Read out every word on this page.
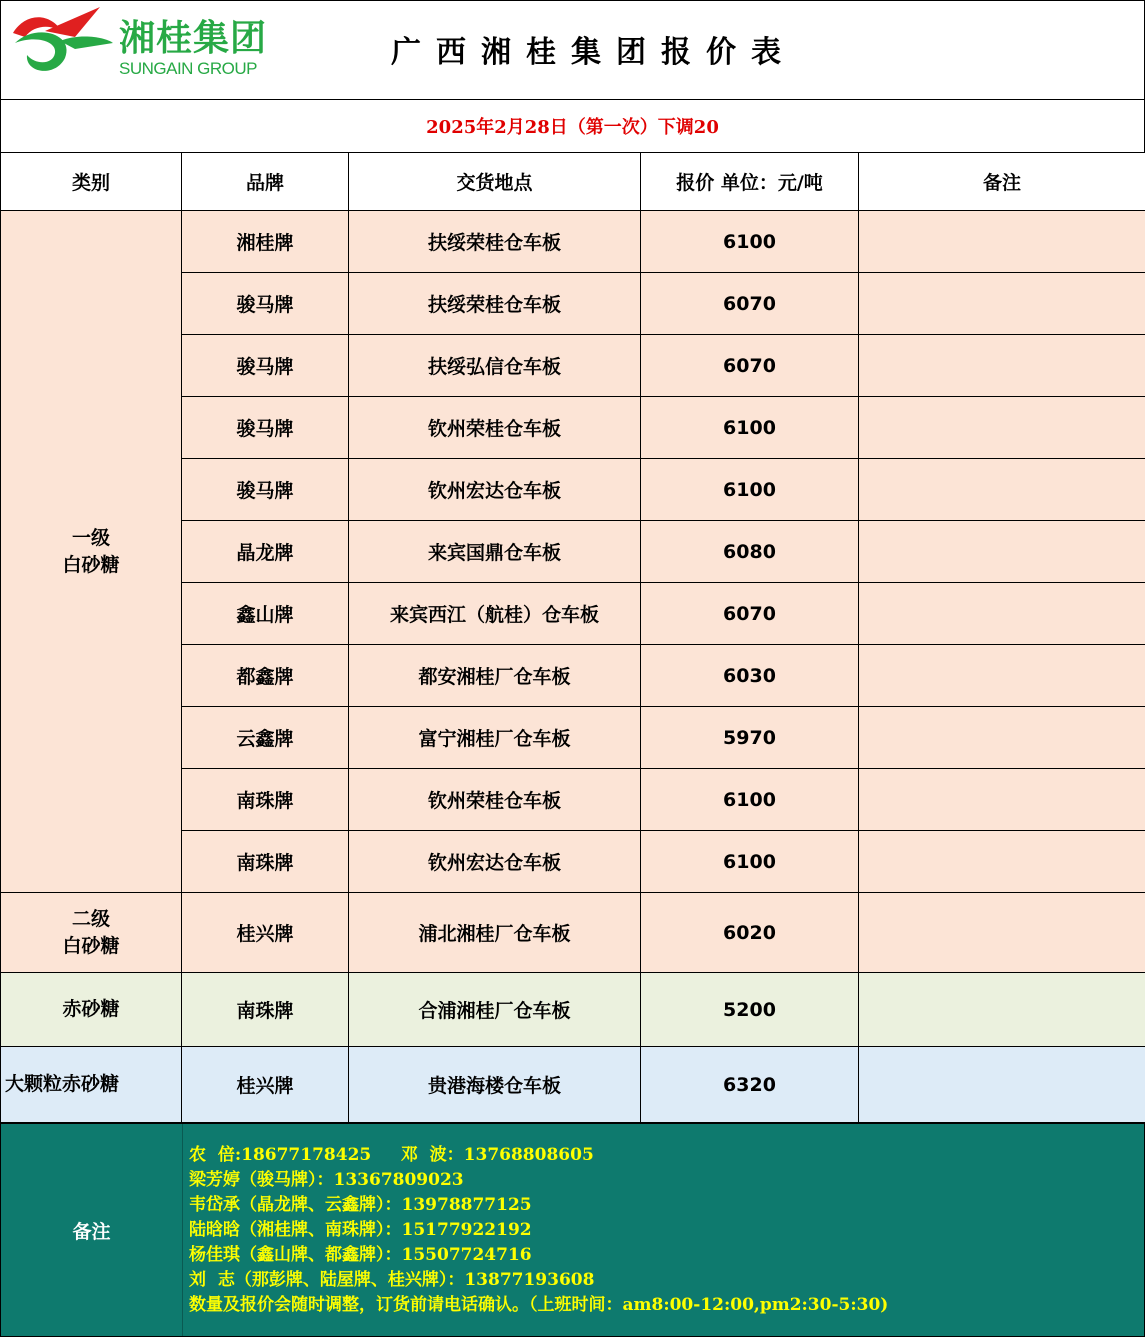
湘桂集团
SUNGAIN GROUP	广西湘桂集团报价表
2025年2月28日（第一次）下调20
类别	品牌	交货地点	报价 单位：元/吨	备注
一级
白砂糖	湘桂牌	扶绥荣桂仓车板	6100	
	骏马牌	扶绥荣桂仓车板	6070	
	骏马牌	扶绥弘信仓车板	6070	
	骏马牌	钦州荣桂仓车板	6100	
	骏马牌	钦州宏达仓车板	6100	
	晶龙牌	来宾国鼎仓车板	6080	
	鑫山牌	来宾西江（航桂）仓车板	6070	
	都鑫牌	都安湘桂厂仓车板	6030	
	云鑫牌	富宁湘桂厂仓车板	5970	
	南珠牌	钦州荣桂仓车板	6100	
	南珠牌	钦州宏达仓车板	6100	
二级
白砂糖	桂兴牌	浦北湘桂厂仓车板	6020	
赤砂糖	南珠牌	合浦湘桂厂仓车板	5200	
大颗粒赤砂糖	桂兴牌	贵港海楼仓车板	6320	
备注
农  倍:18677178425     邓  波：13768808605
梁芳婷（骏马牌）：13367809023
韦岱承（晶龙牌、云鑫牌）：13978877125
陆晗晗（湘桂牌、南珠牌）：15177922192
杨佳琪（鑫山牌、都鑫牌）：15507724716
刘  志（那彭牌、陆屋牌、桂兴牌）：13877193608
数量及报价会随时调整，订货前请电话确认。（上班时间：am8:00-12:00,pm2:30-5:30)
